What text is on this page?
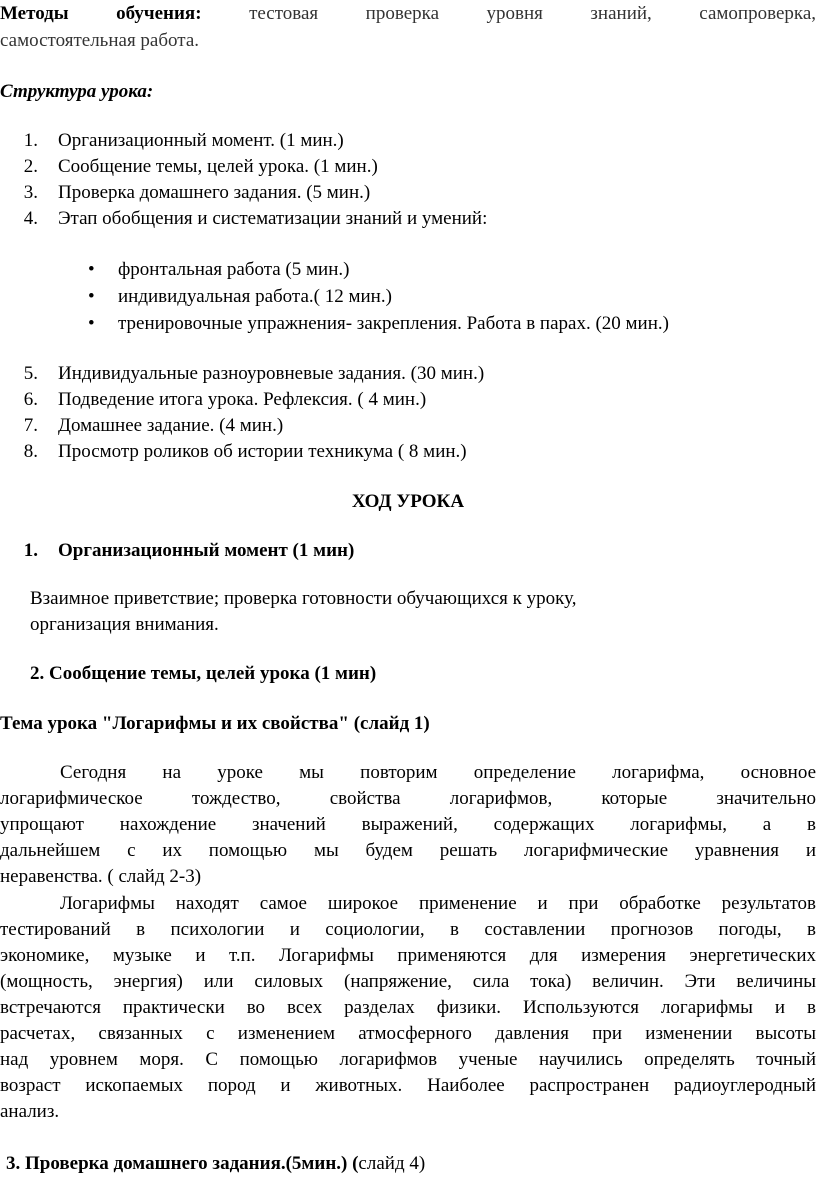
Методы обучения:	тестовая проверка уровня знаний, самопроверка,
самостоятельная работа.
Структура урока:
1. Организационный момент. (1 мин.)
2. Сообщение темы, целей урока. (1 мин.)
3. Проверка домашнего задания. (5 мин.)
4. Этап обобщения и систематизации знаний и умений:
• фронтальная работа (5 мин.)
• индивидуальная работа.( 12 мин.)
• тренировочные упражнения- закрепления. Работа в парах. (20 мин.)
5. Индивидуальные разноуровневые задания. (30 мин.)
6. Подведение итога урока. Рефлексия. ( 4 мин.)
7. Домашнее задание. (4 мин.)
8. Просмотр роликов об истории техникума ( 8 мин.)
ХОД УРОКА
1. Организационный момент (1 мин)
Взаимное приветствие; проверка готовности обучающихся к уроку,
организация внимания.
2. Сообщение темы, целей урока (1 мин)
Тема урока "Логарифмы и их свойства" (слайд 1)
Сегодня на уроке мы повторим определение логарифма, основное
логарифмическое тождество, свойства логарифмов, которые значительно
упрощают нахождение значений выражений, содержащих логарифмы, а в
дальнейшем с их помощью мы будем решать логарифмические уравнения и
неравенства. ( слайд 2-3)
Логарифмы находят самое широкое применение и при обработке результатов
тестирований в психологии и социологии, в составлении прогнозов погоды, в
экономике, музыке и т.п. Логарифмы применяются для измерения энергетических
(мощность, энергия) или силовых (напряжение, сила тока) величин. Эти величины
встречаются практически во всех разделах физики. Используются логарифмы и в
расчетах, связанных с изменением атмосферного давления при изменении высоты
над уровнем моря. С помощью логарифмов ученые научились определять точный
возраст ископаемых пород и животных. Наиболее распространен радиоуглеродный
анализ.
3. Проверка домашнего задания.(5мин.) (слайд 4)
